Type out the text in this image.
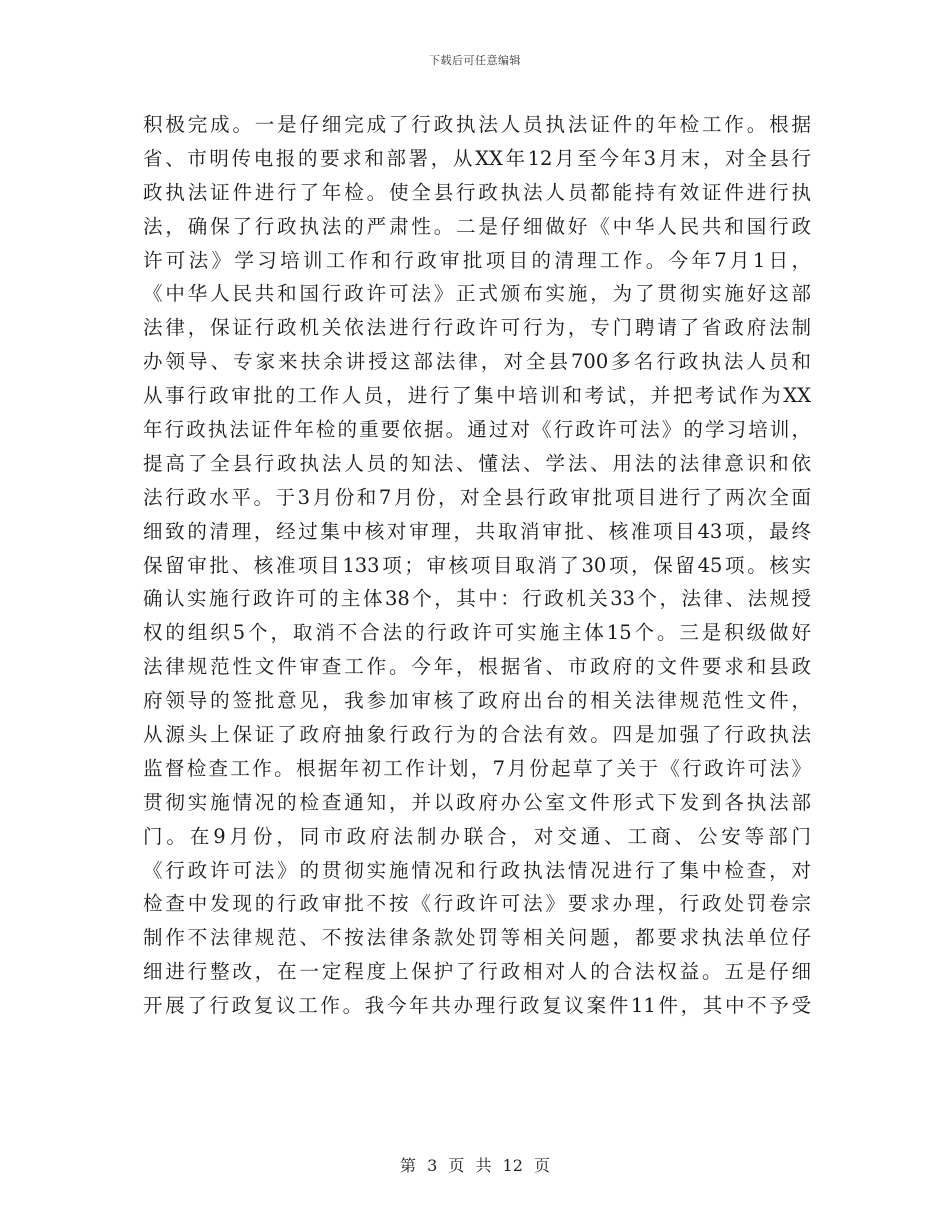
下载后可任意编辑
积极完成。一是仔细完成了行政执法人员执法证件的年检工作。根据
省、市明传电报的要求和部署，从XX年12月至今年3月末，对全县行
政执法证件进行了年检。使全县行政执法人员都能持有效证件进行执
法，确保了行政执法的严肃性。二是仔细做好《中华人民共和国行政
许可法》学习培训工作和行政审批项目的清理工作。今年7月1日，
《中华人民共和国行政许可法》正式颁布实施，为了贯彻实施好这部
法律，保证行政机关依法进行行政许可行为，专门聘请了省政府法制
办领导、专家来扶余讲授这部法律，对全县700多名行政执法人员和
从事行政审批的工作人员，进行了集中培训和考试，并把考试作为XX
年行政执法证件年检的重要依据。通过对《行政许可法》的学习培训，
提高了全县行政执法人员的知法、懂法、学法、用法的法律意识和依
法行政水平。于3月份和7月份，对全县行政审批项目进行了两次全面
细致的清理，经过集中核对审理，共取消审批、核准项目43项，最终
保留审批、核准项目133项；审核项目取消了30项，保留45项。核实
确认实施行政许可的主体38个，其中：行政机关33个，法律、法规授
权的组织5个，取消不合法的行政许可实施主体15个。三是积级做好
法律规范性文件审查工作。今年，根据省、市政府的文件要求和县政
府领导的签批意见，我参加审核了政府出台的相关法律规范性文件，
从源头上保证了政府抽象行政行为的合法有效。四是加强了行政执法
监督检查工作。根据年初工作计划，7月份起草了关于《行政许可法》
贯彻实施情况的检查通知，并以政府办公室文件形式下发到各执法部
门。在9月份，同市政府法制办联合，对交通、工商、公安等部门
《行政许可法》的贯彻实施情况和行政执法情况进行了集中检查，对
检查中发现的行政审批不按《行政许可法》要求办理，行政处罚卷宗
制作不法律规范、不按法律条款处罚等相关问题，都要求执法单位仔
细进行整改，在一定程度上保护了行政相对人的合法权益。五是仔细
开展了行政复议工作。我今年共办理行政复议案件11件，其中不予受
第 3 页 共 12 页
